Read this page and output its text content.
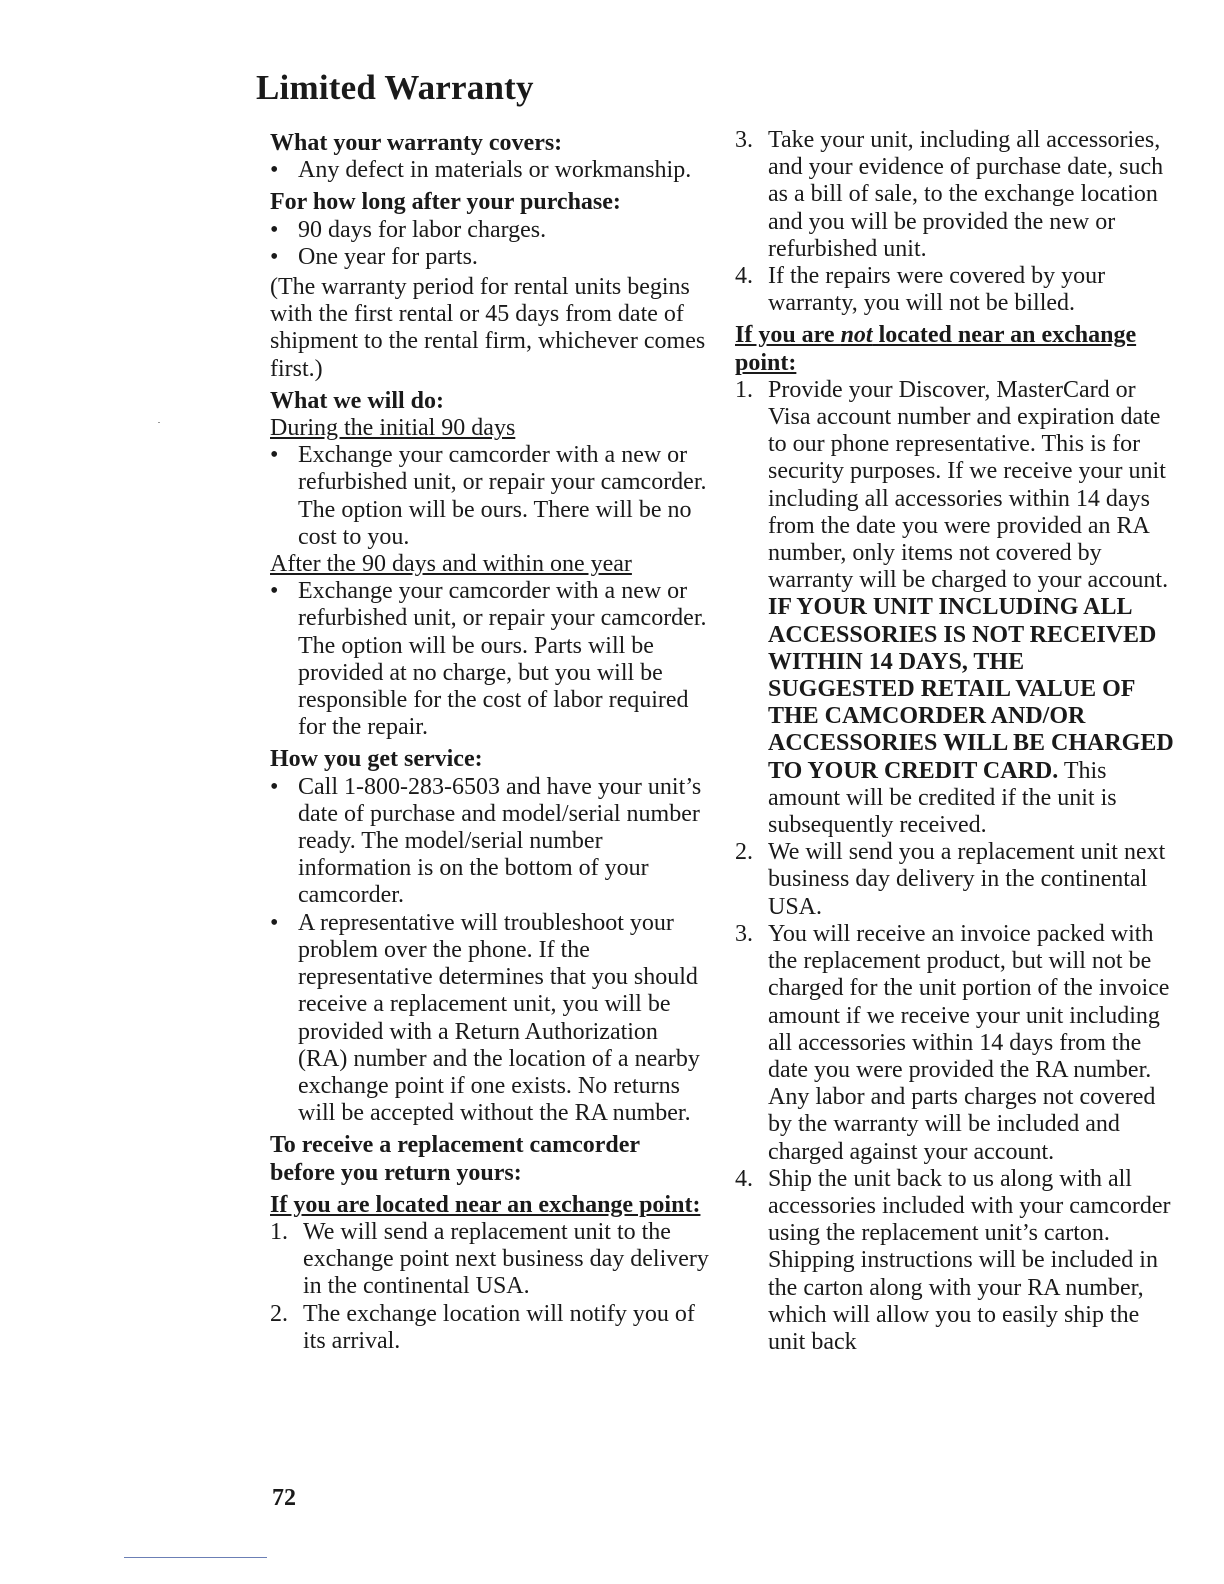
Limited Warranty
What your warranty covers:
• Any defect in materials or workmanship.
For how long after your purchase:
• 90 days for labor charges.
• One year for parts.
(The warranty period for rental units begins with the first rental or 45 days from date of shipment to the rental firm, whichever comes first.)
What we will do:
During the initial 90 days
• Exchange your camcorder with a new or refurbished unit, or repair your camcorder. The option will be ours. There will be no cost to you.
After the 90 days and within one year
• Exchange your camcorder with a new or refurbished unit, or repair your camcorder. The option will be ours. Parts will be provided at no charge, but you will be responsible for the cost of labor required for the repair.
How you get service:
• Call 1-800-283-6503 and have your unit’s date of purchase and model/serial number ready. The model/serial number information is on the bottom of your camcorder.
• A representative will troubleshoot your problem over the phone. If the representative determines that you should receive a replacement unit, you will be provided with a Return Authorization (RA) number and the location of a nearby exchange point if one exists. No returns will be accepted without the RA number.
To receive a replacement camcorder before you return yours:
If you are located near an exchange point:
1. We will send a replacement unit to the exchange point next business day delivery in the continental USA.
2. The exchange location will notify you of its arrival.
3. Take your unit, including all accessories, and your evidence of purchase date, such as a bill of sale, to the exchange location and you will be provided the new or refurbished unit.
4. If the repairs were covered by your warranty, you will not be billed.
If you are not located near an exchange point:
1. Provide your Discover, MasterCard or Visa account number and expiration date to our phone representative. This is for security purposes. If we receive your unit including all accessories within 14 days from the date you were provided an RA number, only items not covered by warranty will be charged to your account. IF YOUR UNIT INCLUDING ALL ACCESSORIES IS NOT RECEIVED WITHIN 14 DAYS, THE SUGGESTED RETAIL VALUE OF THE CAMCORDER AND/OR ACCESSORIES WILL BE CHARGED TO YOUR CREDIT CARD. This amount will be credited if the unit is subsequently received.
2. We will send you a replacement unit next business day delivery in the continental USA.
3. You will receive an invoice packed with the replacement product, but will not be charged for the unit portion of the invoice amount if we receive your unit including all accessories within 14 days from the date you were provided the RA number. Any labor and parts charges not covered by the warranty will be included and charged against your account.
4. Ship the unit back to us along with all accessories included with your camcorder using the replacement unit’s carton. Shipping instructions will be included in the carton along with your RA number, which will allow you to easily ship the unit back
72
